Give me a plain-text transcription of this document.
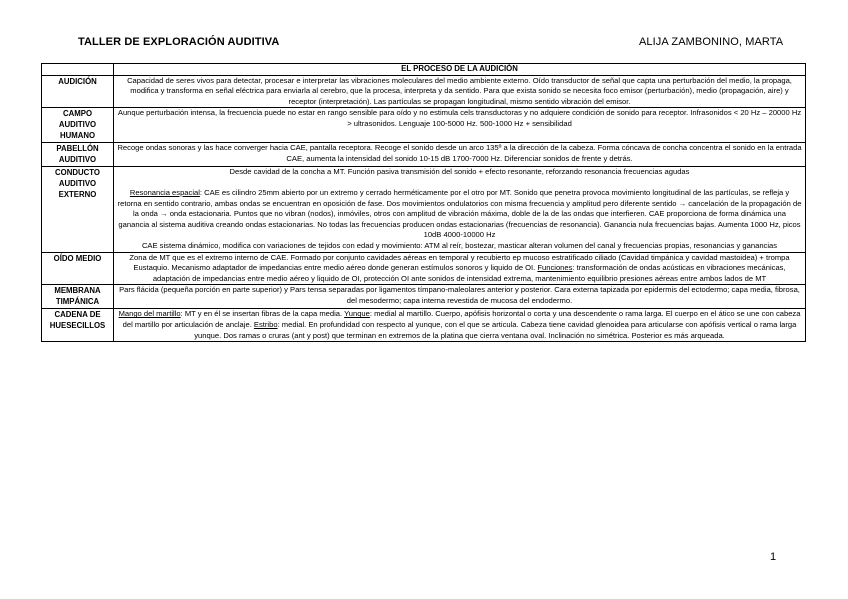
TALLER DE EXPLORACIÓN AUDITIVA	ALIJA ZAMBONINO, MARTA
	EL PROCESO DE LA AUDICIÓN
AUDICIÓN	Capacidad de seres vivos para detectar, procesar e interpretar las vibraciones moleculares del medio ambiente externo. Oído transductor de señal que capta una perturbación del medio, la propaga, modifica y transforma en señal eléctrica para enviarla al cerebro, que la procesa, interpreta y da sentido. Para que exista sonido se necesita foco emisor (perturbación), medio (propagación, aire) y receptor (interpretación). Las partículas se propagan longitudinal, mismo sentido vibración del emisor.
CAMPO AUDITIVO HUMANO	Aunque perturbación intensa, la frecuencia puede no estar en rango sensible para oído y no estimula cels transductoras y no adquiere condición de sonido para receptor. Infrasonidos < 20 Hz – 20000 Hz > ultrasonidos. Lenguaje 100-5000 Hz. 500-1000 Hz + sensibilidad
PABELLÓN AUDITIVO	Recoge ondas sonoras y las hace converger hacia CAE, pantalla receptora. Recoge el sonido desde un arco 135º a la dirección de la cabeza. Forma cóncava de concha concentra el sonido en la entrada CAE, aumenta la intensidad del sonido 10-15 dB 1700-7000 Hz. Diferenciar sonidos de frente y detrás.
CONDUCTO AUDITIVO EXTERNO	Desde cavidad de la concha a MT. Función pasiva transmisión del sonido + efecto resonante, reforzando resonancia frecuencias agudas

Resonancia espacial: CAE es cilindro 25mm abierto por un extremo y cerrado herméticamente por el otro por MT. Sonido que penetra provoca movimiento longitudinal de las partículas, se refleja y retorna en sentido contrario, ambas ondas se encuentran en oposición de fase. Dos movimientos ondulatorios con misma frecuencia y amplitud pero diferente sentido → cancelación de la propagación de la onda → onda estacionaria. Puntos que no vibran (nodos), inmóviles, otros con amplitud de vibración máxima, doble de la de las ondas que interfieren. CAE proporciona de forma dinámica una ganancia al sistema auditiva creando ondas estacionarias. No todas las frecuencias producen ondas estacionarias (frecuencias de resonancia). Ganancia nula frecuencias bajas. Aumenta 1000 Hz, picos 10dB 4000-10000 Hz

CAE sistema dinámico, modifica con variaciones de tejidos con edad y movimiento: ATM al reír, bostezar, masticar alteran volumen del canal y frecuencias propias, resonancias y ganancias

OÍDO MEDIO	Zona de MT que es el extremo interno de CAE. Formado por conjunto cavidades aéreas en temporal y recubierto ep mucoso estratificado ciliado (Cavidad timpánica y cavidad mastoidea) + trompa Eustaquio. Mecanismo adaptador de impedancias entre medio aéreo donde generan estímulos sonoros y liquido de OI. Funciones: transformación de ondas acústicas en vibraciones mecánicas, adaptación de impedancias entre medio aéreo y liquido de OI, protección OI ante sonidos de intensidad extrema, mantenimiento equilibrio presiones aéreas entre ambos lados de MT
MEMBRANA TIMPÁNICA	Pars flácida (pequeña porción en parte superior) y Pars tensa separadas por ligamentos tímpano-maleolares anterior y posterior. Cara externa tapizada por epidermis del ectodermo; capa media, fibrosa, del mesodermo; capa interna revestida de mucosa del endodermo.
CADENA DE HUESECILLOS	Mango del martillo: MT y en él se insertan fibras de la capa media. Yunque: medial al martillo. Cuerpo, apófisis horizontal o corta y una descendente o rama larga. El cuerpo en el ático se une con cabeza del martillo por articulación de anclaje. Estribo: medial. En profundidad con respecto al yunque, con el que se articula. Cabeza tiene cavidad glenoidea para articularse con apófisis vertical o rama larga yunque. Dos ramas o cruras (ant y post) que terminan en extremos de la platina que cierra ventana oval. Inclinación no simétrica. Posterior es más arqueada.
1
